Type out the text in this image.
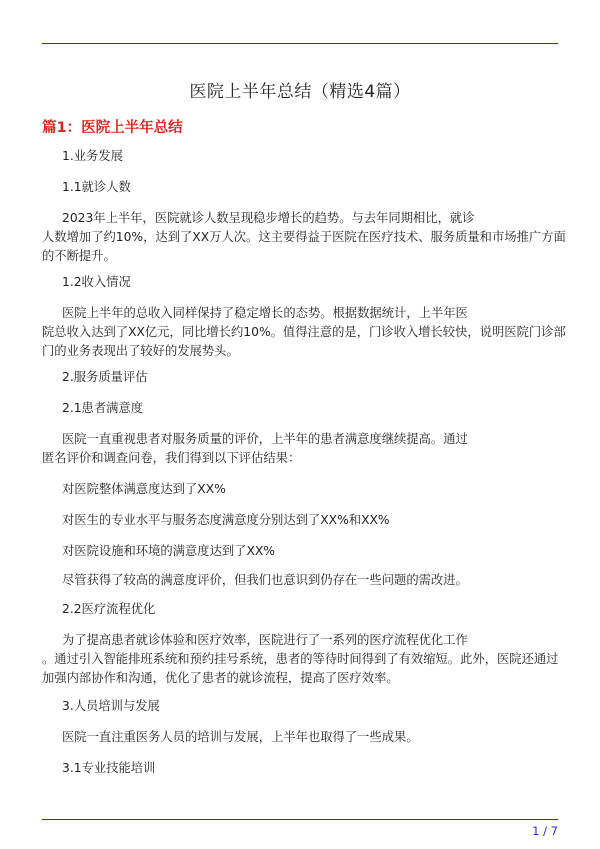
医院上半年总结（精选4篇）
篇1：医院上半年总结
1.业务发展
1.1就诊人数
2023年上半年，医院就诊人数呈现稳步增长的趋势。与去年同期相比，就诊
人数增加了约10%，达到了XX万人次。这主要得益于医院在医疗技术、服务质量和市场推广方面
的不断提升。
1.2收入情况
医院上半年的总收入同样保持了稳定增长的态势。根据数据统计，上半年医
院总收入达到了XX亿元，同比增长约10%。值得注意的是，门诊收入增长较快，说明医院门诊部
门的业务表现出了较好的发展势头。
2.服务质量评估
2.1患者满意度
医院一直重视患者对服务质量的评价，上半年的患者满意度继续提高。通过
匿名评价和调查问卷，我们得到以下评估结果：
对医院整体满意度达到了XX%
对医生的专业水平与服务态度满意度分别达到了XX%和XX%
对医院设施和环境的满意度达到了XX%
尽管获得了较高的满意度评价，但我们也意识到仍存在一些问题的需改进。
2.2医疗流程优化
为了提高患者就诊体验和医疗效率，医院进行了一系列的医疗流程优化工作
。通过引入智能排班系统和预约挂号系统，患者的等待时间得到了有效缩短。此外，医院还通过
加强内部协作和沟通，优化了患者的就诊流程，提高了医疗效率。
3.人员培训与发展
医院一直注重医务人员的培训与发展，上半年也取得了一些成果。
3.1专业技能培训
1 / 7
